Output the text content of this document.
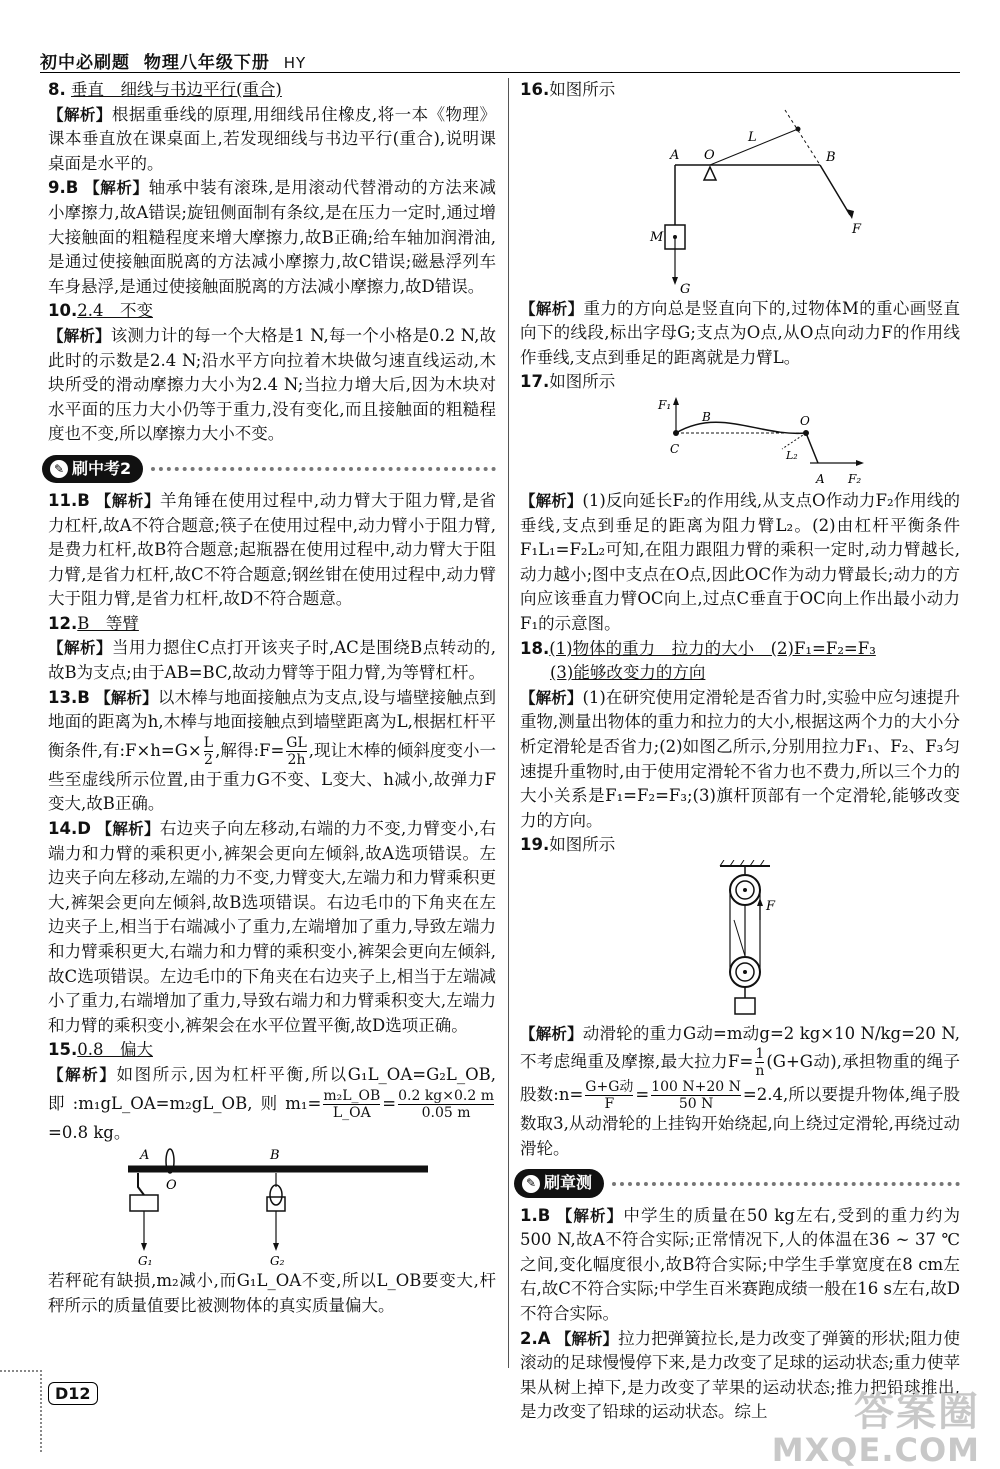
初中必刷题 物理八年级下册 HY

8. 垂直　细线与书边平行(重合)

【解析】根据重垂线的原理,用细线吊住橡皮,将一本《物理》课本垂直放在课桌面上,若发现细线与书边平行(重合),说明课桌面是水平的。

9.B 【解析】轴承中装有滚珠,是用滚动代替滑动的方法来减小摩擦力,故A错误;旋钮侧面制有条纹,是在压力一定时,通过增大接触面的粗糙程度来增大摩擦力,故B正确;给车轴加润滑油,是通过使接触面脱离的方法减小摩擦力,故C错误;磁悬浮列车车身悬浮,是通过使接触面脱离的方法减小摩擦力,故D错误。

10.2.4　不变

【解析】该测力计的每一个大格是1 N,每一个小格是0.2 N,故此时的示数是2.4 N;沿水平方向拉着木块做匀速直线运动,木块所受的滑动摩擦力大小为2.4 N;当拉力增大后,因为木块对水平面的压力大小仍等于重力,没有变化,而且接触面的粗糙程度也不变,所以摩擦力大小不变。

✎ 刷中考2

11.B 【解析】羊角锤在使用过程中,动力臂大于阻力臂,是省力杠杆,故A不符合题意;筷子在使用过程中,动力臂小于阻力臂,是费力杠杆,故B符合题意;起瓶器在使用过程中,动力臂大于阻力臂,是省力杠杆,故C不符合题意;钢丝钳在使用过程中,动力臂大于阻力臂,是省力杠杆,故D不符合题意。

12.B　等臂

【解析】当用力摁住C点打开该夹子时,AC是围绕B点转动的,故B为支点;由于AB=BC,故动力臂等于阻力臂,为等臂杠杆。

13.B 【解析】以木棒与地面接触点为支点,设与墙壁接触点到地面的距离为h,木棒与地面接触点到墙壁距离为L,根据杠杆平衡条件,有:F×h=G× $\frac{L}{2}$ ,解得:F= $\frac{GL}{2h}$ ,现让木棒的倾斜度变小一些至虚线所示位置,由于重力G不变、L变大、h减小,故弹力F变大,故B正确。

14.D 【解析】右边夹子向左移动,右端的力不变,力臂变小,右端力和力臂的乘积更小,裤架会更向左倾斜,故A选项错误。左边夹子向左移动,左端的力不变,力臂变大,左端力和力臂乘积更大,裤架会更向左倾斜,故B选项错误。右边毛巾的下角夹在左边夹子上,相当于右端减小了重力,左端增加了重力,导致左端力和力臂乘积更大,右端力和力臂的乘积变小,裤架会更向左倾斜,故C选项错误。左边毛巾的下角夹在右边夹子上,相当于左端减小了重力,右端增加了重力,导致右端力和力臂乘积变大,左端力和力臂的乘积变小,裤架会在水平位置平衡,故D选项正确。

15.0.8　偏大

【解析】如图所示,因为杠杆平衡,所以G₁L_OA=G₂L_OB,即:m₁gL_OA=m₂gL_OB,则$m_1= \frac{\text{m₂L\_OB}}{L\_OA} = \frac{0.2 kg\times 0.2 m}{0.05 m}$
=0.8 kg。

A
O
B
G₁	G₂

若秤砣有缺损,m₂减小,而G₁L_OA不变,所以L_OB要变大,杆秤所示的质量值要比被测物体的真实质量偏大。

16.如图所示

A O
L
B
F
M
G

【解析】重力的方向总是竖直向下的,过物体M的重心画竖直向下的线段,标出字母G;支点为O点,从O点向动力F的作用线作垂线,支点到垂足的距离就是力臂L。

17.如图所示

F₁
B	O
C	L₂
A F₂

【解析】(1)反向延长F₂的作用线,从支点O作动力F₂作用线的垂线,支点到垂足的距离为阻力臂L₂。(2)由杠杆平衡条件F₁L₁=F₂L₂可知,在阻力跟阻力臂的乘积一定时,动力臂越长,动力越小;图中支点在O点,因此OC作为动力臂最长;动力的方向应该垂直力臂OC向上,过点C垂直于OC向上作出最小动力F₁的示意图。

18.(1)物体的重力　拉力的大小　(2)F₁=F₂=F₃

(3)能够改变力的方向

【解析】(1)在研究使用定滑轮是否省力时,实验中应匀速提升重物,测量出物体的重力和拉力的大小,根据这两个力的大小分析定滑轮是否省力;(2)如图乙所示,分别用拉力F₁、F₂、F₃匀速提升重物时,由于使用定滑轮不省力也不费力,所以三个力的大小关系是F₁=F₂=F₃;(3)旗杆顶部有一个定滑轮,能够改变力的方向。

19.如图所示

F

【解析】动滑轮的重力G动=m动g=2 kg×10 N/kg=20 N,不考虑绳重及摩擦,最大拉力$F= \frac{1}{n} (G+G$动),承担物重的绳子股数:n= $\frac{\text{G+G动}}{F} = \frac{100 N+20 N}{50 N} =2.4$,所以要提升物体,绳子股数取3,从动滑轮的上挂钩开始绕起,向上绕过定滑轮,再绕过动滑轮。

✎ 刷章测

1.B 【解析】中学生的质量在50 kg左右,受到的重力约为500 N,故A不符合实际;正常情况下,人的体温在36 ~ 37 ℃之间,变化幅度很小,故B符合实际;中学生手掌宽度在8 cm左右,故C不符合实际;中学生百米赛跑成绩一般在16 s左右,故D不符合实际。

2.A 【解析】拉力把弹簧拉长,是力改变了弹簧的形状;阻力使滚动的足球慢慢停下来,是力改变了足球的运动状态;重力使苹果从树上掉下,是力改变了苹果的运动状态;推力把铅球推出,是力改变了铅球的运动状态。综上

D12	答案圈
MXQE.COM
